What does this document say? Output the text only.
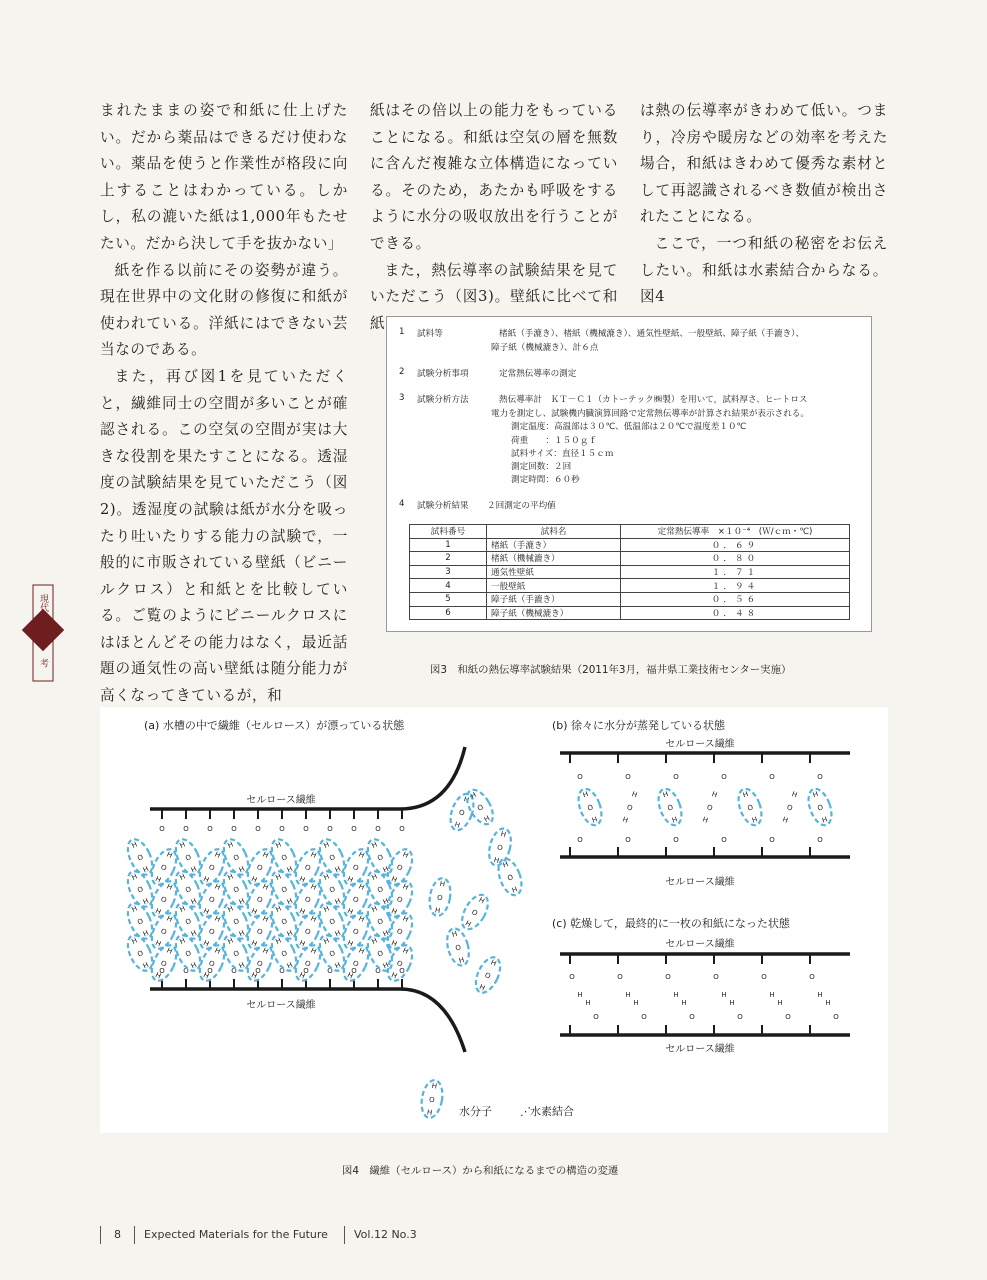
まれたままの姿で和紙に仕上げたい。だから薬品はできるだけ使わない。薬品を使うと作業性が格段に向上することはわかっている。しかし，私の漉いた紙は1,000年もたせたい。だから決して手を抜かない」

紙を作る以前にその姿勢が違う。現在世界中の文化財の修復に和紙が使われている。洋紙にはできない芸当なのである。

また，再び図1を見ていただくと，繊維同士の空間が多いことが確認される。この空気の空間が実は大きな役割を果たすことになる。透湿度の試験結果を見ていただこう（図2)。透湿度の試験は紙が水分を吸ったり吐いたりする能力の試験で，一般的に市販されている壁紙（ビニールクロス）と和紙とを比較している。ご覧のようにビニールクロスにはほとんどその能力はなく，最近話題の通気性の高い壁紙は随分能力が高くなってきているが，和

紙はその倍以上の能力をもっていることになる。和紙は空気の層を無数に含んだ複雑な立体構造になっている。そのため，あたかも呼吸をするように水分の吸収放出を行うことができる。

また，熱伝導率の試験結果を見ていただこう（図3)。壁紙に比べて和紙

は熱の伝導率がきわめて低い。つまり，冷房や暖房などの効率を考えた場合，和紙はきわめて優秀な素材として再認識されるべき数値が検出されたことになる。

ここで，一つ和紙の秘密をお伝えしたい。和紙は水素結合からなる。図4

現代
考
1 試料等	楮紙（手漉き）、楮紙（機械漉き）、通気性壁紙、一般壁紙、障子紙（手漉き）、
障子紙（機械漉き）、計６点
2 試験分析事項	定常熱伝導率の測定
3 試験分析方法	熱伝導率計　ＫＴ－Ｃ１（カトーテック㈱製）を用いて，試料厚さ、ヒートロス
電力を測定し、試験機内臓演算回路で定常熱伝導率が計算され結果が表示される。
測定温度：高温部は３０℃、低温部は２０℃で温度差１０℃
荷重　　：１５０ｇｆ
試料サイズ：直径１５ｃｍ
測定回数：２回
測定時間：６０秒
4 試験分析結果 ２回測定の平均値
試料番号	試料名	定常熱伝導率　×１０⁻⁴　(Ｗ/ｃｍ・℃)
1	楮紙（手漉き）	０．６９
2	楮紙（機械漉き）	０．８０
3	通気性壁紙	１．７１
4	一般壁紙	１．９４
5	障子紙（手漉き）	０．５６
6	障子紙（機械漉き）	０．４８
図3　和紙の熱伝導率試験結果（2011年3月，福井県工業技術センター実施）
O
O
O
O
O
O
O
O
O
O
O
O
O
O
O
O
O
O
O
O
O
O
H
O
H
H
O
H
H
O
H
H
O
H
H
O
H
H
O
H
H
O
H
H
O
H
H
O
H
H
O
H
H
O
H
H
O
H
H
O
H
H
O
H
H
O
H
H
O
H
H
O
H
H
O
H
H
O
H
H
O
H
H
O
H
H
O
H
H
O
H
H
O
H
H
O
H
H
O
H
H
O
H
H
O
H
H
O
H
H
O
H
H
O
H
H
O
H
H
O
H
H
O
H
H
O
H
H
O
H
H
O
H
H
O
H
H
O
H
H
O
H
H
O
H
H
O
H
H
O
H
H
O
H
H
O
H
H
O
H
H
O
H
H
O
H
H
O
H
H
O
H
H
O
H H
O
H
H
O
H
H
O
H	H
O
H
H
O
H
O
O
O
O
O
O
O
O
O
O
O
O
H
O
H
H
O
H
H
O
H
H
O
H
H
O
H
H
O
H
H
O
H
O
O
H
H
O
O
H
H
O
O
H
H
O
O
H
H
O
O
H
H
O
O
H
H
H
O
H	⋰
(a) 水槽の中で繊維（セルロース）が漂っている状態	(b) 徐々に水分が蒸発している状態
(c) 乾燥して，最終的に一枚の和紙になった状態
セルロース繊維
セルロース繊維
セルロース繊維
セルロース繊維
セルロース繊維
セルロース繊維
水分子	水素結合
図4　繊維（セルロース）から和紙になるまでの構造の変遷
8 Expected Materials for the Future Vol.12 No.3
